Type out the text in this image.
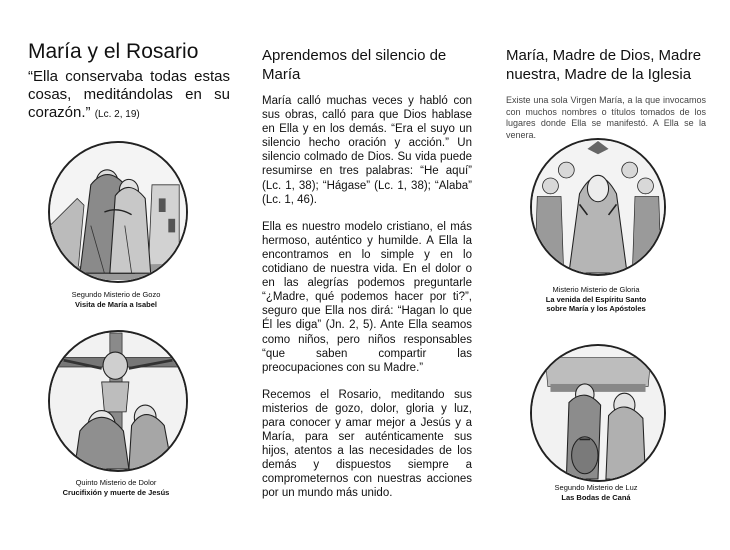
María y el Rosario
“Ella conservaba todas estas cosas, meditándolas en su corazón.” (Lc. 2, 19)
Segundo Misterio de Gozo
Visita de María a Isabel
Quinto Misterio de Dolor
Crucifixión y muerte de Jesús
Aprendemos del silencio de María

María calló muchas veces y habló con sus obras, calló para que Dios hablase en Ella y en los demás. “Era el suyo un silencio hecho oración y acción.” Un silencio colmado de Dios. Su vida puede resumirse en tres palabras: “He aquí” (Lc. 1, 38); “Hágase” (Lc. 1, 38); “Alaba” (Lc. 1, 46).

Ella es nuestro modelo cristiano, el más hermoso, auténtico y humilde. A Ella la encontramos en lo simple y en lo cotidiano de nuestra vida. En el dolor o en las alegrías podemos preguntarle “¿Madre, qué podemos hacer por ti?”, seguro que Ella nos dirá: “Hagan lo que Él les diga” (Jn. 2, 5). Ante Ella seamos como niños, pero niños responsables “que saben compartir las preocupaciones con su Madre.”

Recemos el Rosario, meditando sus misterios de gozo, dolor, gloria y luz, para conocer y amar mejor a Jesús y a María, para ser auténticamente sus hijos, atentos a las necesidades de los demás y dispuestos siempre a comprometernos con nuestras acciones por un mundo más unido.

María, Madre de Dios, Madre nuestra, Madre de la Iglesia
Existe una sola Virgen María, a la que invocamos con muchos nombres o títulos tomados de los lugares donde Ella se manifestó. A Ella se la venera.
Misterio Misterio de Gloria
La venida del Espíritu Santo
sobre María y los Apóstoles
Segundo Misterio de Luz
Las Bodas de Caná
